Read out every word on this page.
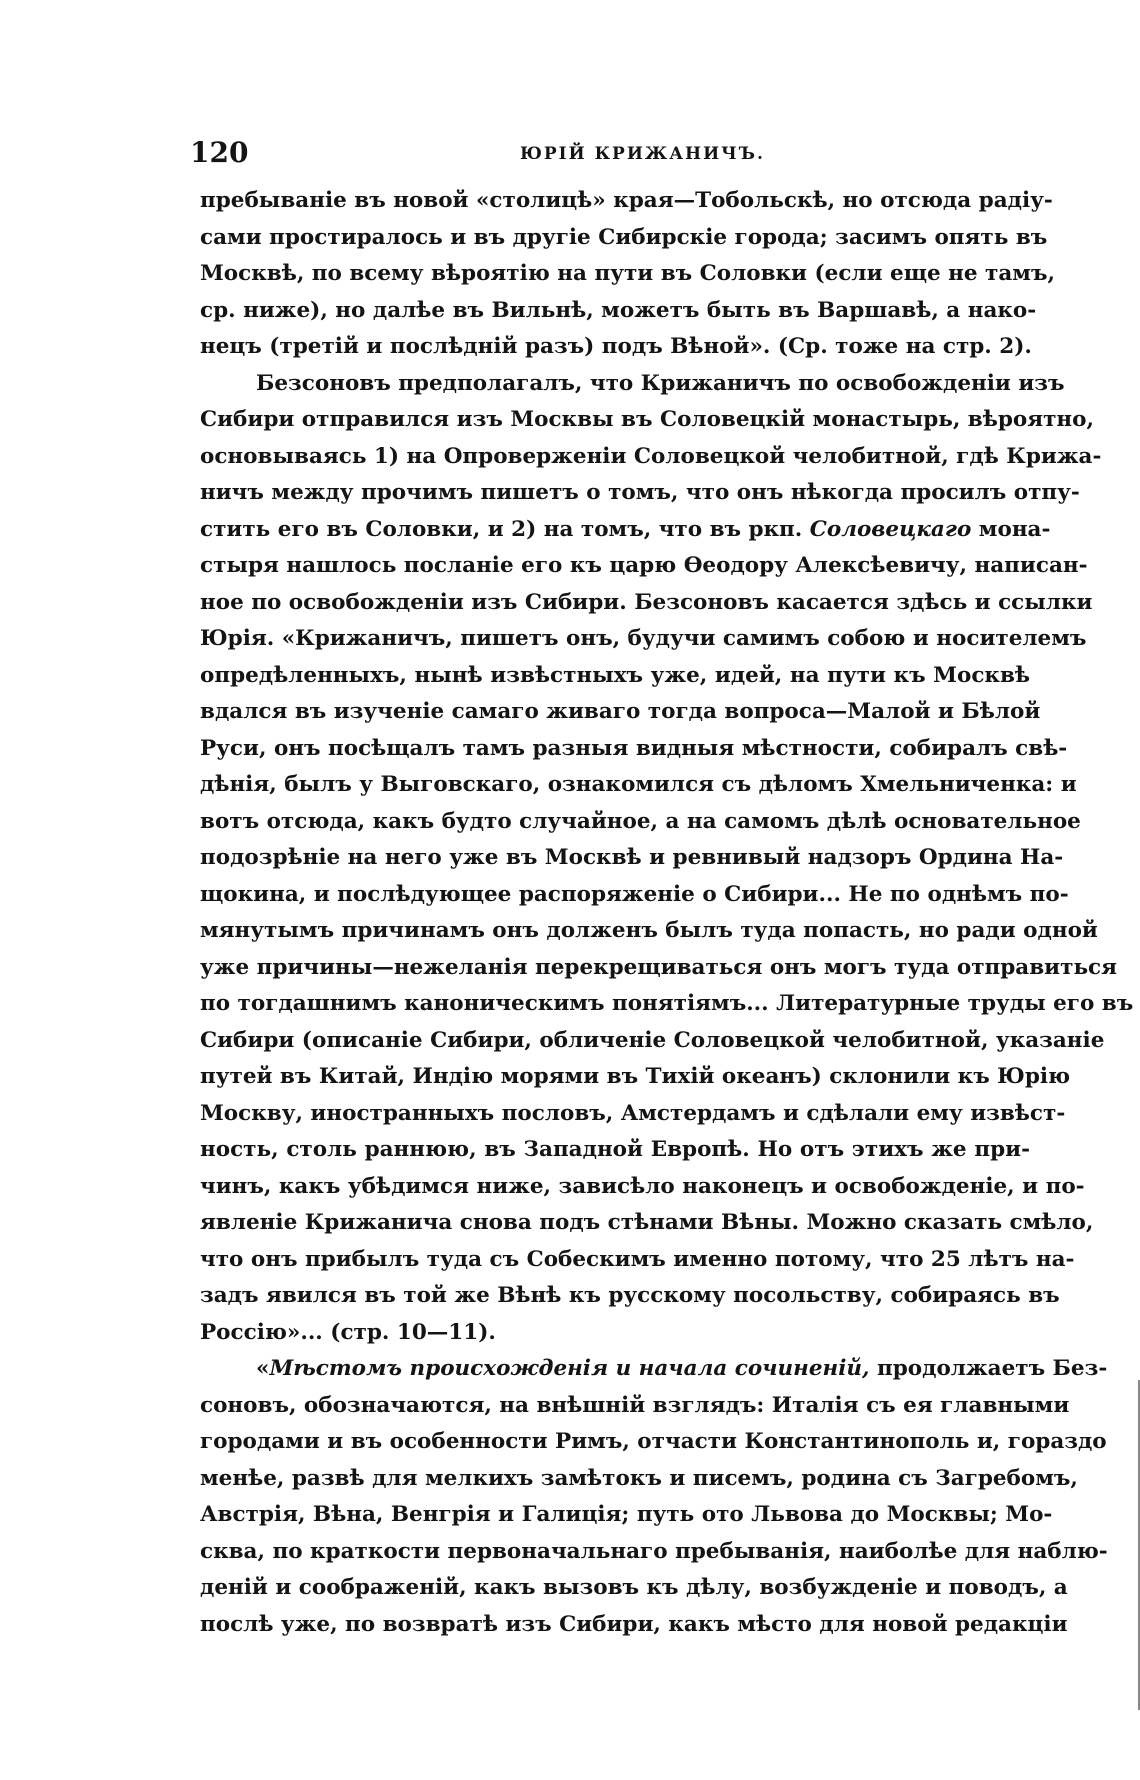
120	ЮРІЙ КРИЖАНИЧЪ.
пребываніе въ новой «столицѣ» края—Тобольскѣ, но отсюда радіу-
сами простиралось и въ другіе Сибирскіе города; засимъ опять въ
Москвѣ, по всему вѣроятію на пути въ Соловки (если еще не тамъ,
ср. ниже), но далѣе въ Вильнѣ, можетъ быть въ Варшавѣ, а нако-
нецъ (третій и послѣдній разъ) подъ Вѣной». (Ср. тоже на стр. 2).
Безсоновъ предполагалъ, что Крижаничъ по освобожденіи изъ
Сибири отправился изъ Москвы въ Соловецкій монастырь, вѣроятно,
основываясь 1) на Опроверженіи Соловецкой челобитной, гдѣ Крижа-
ничъ между прочимъ пишетъ о томъ, что онъ нѣкогда просилъ отпу-
стить его въ Соловки, и 2) на томъ, что въ ркп. Соловецкаго мона-
стыря нашлось посланіе его къ царю Ѳеодору Алексѣевичу, написан-
ное по освобожденіи изъ Сибири. Безсоновъ касается здѣсь и ссылки
Юрія. «Крижаничъ, пишетъ онъ, будучи самимъ собою и носителемъ
опредѣленныхъ, нынѣ извѣстныхъ уже, идей, на пути къ Москвѣ
вдался въ изученіе самаго живаго тогда вопроса—Малой и Бѣлой
Руси, онъ посѣщалъ тамъ разныя видныя мѣстности, собиралъ свѣ-
дѣнія, былъ у Выговскаго, ознакомился съ дѣломъ Хмельниченка: и
вотъ отсюда, какъ будто случайное, а на самомъ дѣлѣ основательное
подозрѣніе на него уже въ Москвѣ и ревнивый надзоръ Ордина На-
щокина, и послѣдующее распоряженіе о Сибири... Не по однѣмъ по-
мянутымъ причинамъ онъ долженъ былъ туда попасть, но ради одной
уже причины—нежеланія перекрещиваться онъ могъ туда отправиться
по тогдашнимъ каноническимъ понятіямъ... Литературные труды его въ
Сибири (описаніе Сибири, обличеніе Соловецкой челобитной, указаніе
путей въ Китай, Индію морями въ Тихій океанъ) склонили къ Юрію
Москву, иностранныхъ пословъ, Амстердамъ и сдѣлали ему извѣст-
ность, столь раннюю, въ Западной Европѣ. Но отъ этихъ же при-
чинъ, какъ убѣдимся ниже, зависѣло наконецъ и освобожденіе, и по-
явленіе Крижанича снова подъ стѣнами Вѣны. Можно сказать смѣло,
что онъ прибылъ туда съ Собескимъ именно потому, что 25 лѣтъ на-
задъ явился въ той же Вѣнѣ къ русскому посольству, собираясь въ
Россію»... (стр. 10—11).
«Мѣстомъ происхожденія и начала сочиненій, продолжаетъ Без-
соновъ, обозначаются, на внѣшній взглядъ: Италія съ ея главными
городами и въ особенности Римъ, отчасти Константинополь и, гораздо
менѣе, развѣ для мелкихъ замѣтокъ и писемъ, родина съ Загребомъ,
Австрія, Вѣна, Венгрія и Галиція; путь ото Львова до Москвы; Мо-
сква, по краткости первоначальнаго пребыванія, наиболѣе для наблю-
деній и соображеній, какъ вызовъ къ дѣлу, возбужденіе и поводъ, а
послѣ уже, по возвратѣ изъ Сибири, какъ мѣсто для новой редакціи
